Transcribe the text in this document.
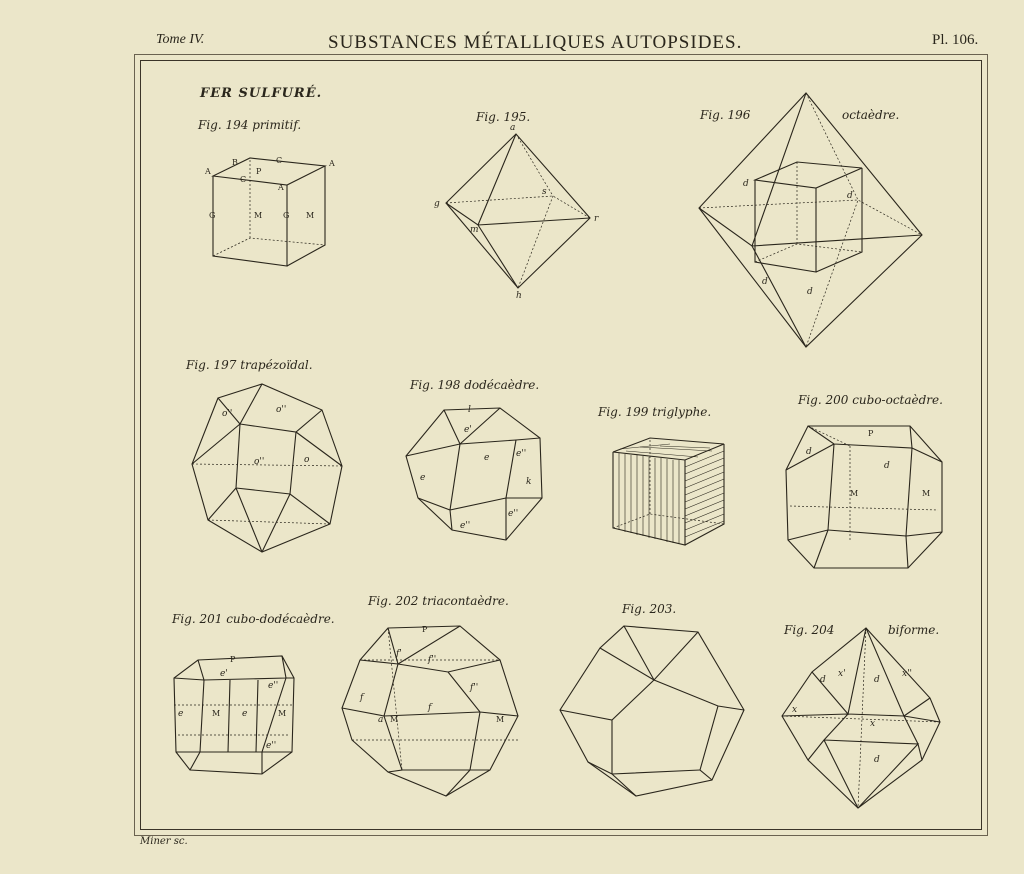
Tome IV.	SUBSTANCES MÉTALLIQUES AUTOPSIDES.	Pl. 106.
FER SULFURÉ.
Fig. 194 primitif.
Fig. 195.	Fig. 196	octaèdre.
Fig. 197 trapézoïdal.
Fig. 198 dodécaèdre.
Fig. 199 triglyphe.
Fig. 200 cubo-octaèdre.
Fig. 201 cubo-dodécaèdre.
Fig. 202 triacontaèdre.
Fig. 203.
Fig. 204	biforme.
A
B	C	A
P
C
A
G	M	G M
a
g
s
r
m
h
d
d
d
d
o''	o''
o''	o
l
e'
e''
e
e	k
e''
e''
P
d
d
M	M
P
e'
e''
e	M e	M
e''
P
f'
f''
f
f
f''
a M	M
d
x'
d
x''
x
x
d
Miner sc.
